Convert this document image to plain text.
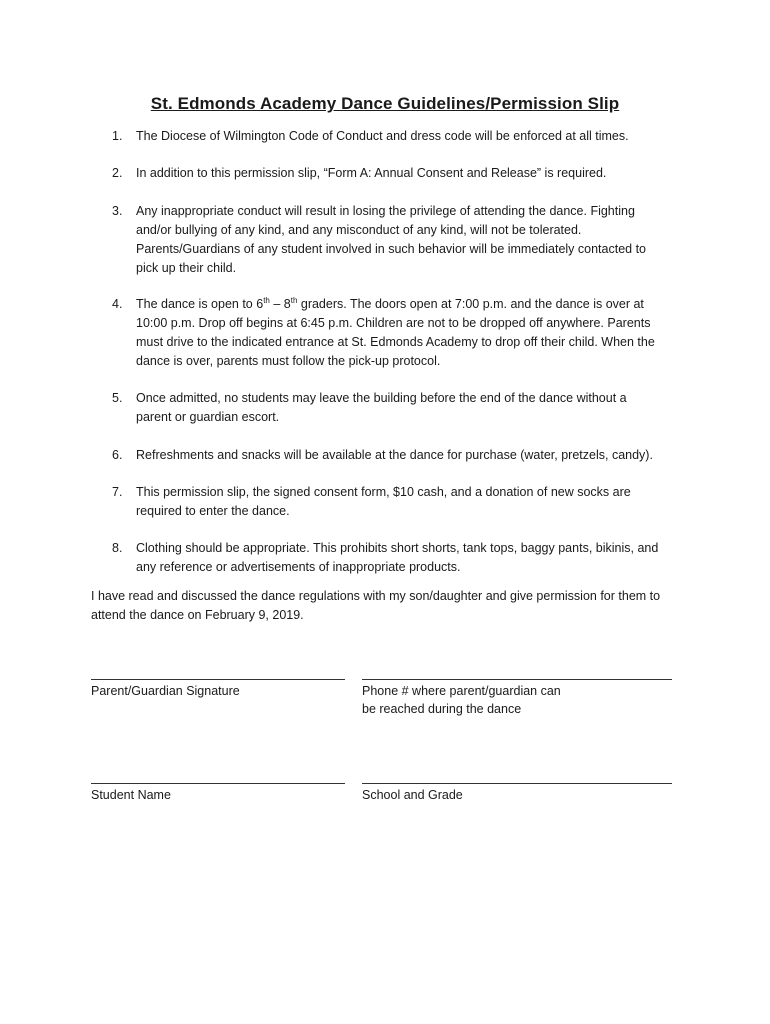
St. Edmonds Academy Dance Guidelines/Permission Slip
1.	The Diocese of Wilmington Code of Conduct and dress code will be enforced at all times.
2.	In addition to this permission slip, “Form A: Annual Consent and Release” is required.
3.	Any inappropriate conduct will result in losing the privilege of attending the dance. Fighting
and/or bullying of any kind, and any misconduct of any kind, will not be tolerated.
Parents/Guardians of any student involved in such behavior will be immediately contacted to
pick up their child.
4.	The dance is open to 6th – 8th graders. The doors open at 7:00 p.m. and the dance is over at
10:00 p.m. Drop off begins at 6:45 p.m. Children are not to be dropped off anywhere. Parents
must drive to the indicated entrance at St. Edmonds Academy to drop off their child. When the
dance is over, parents must follow the pick-up protocol.
5.	Once admitted, no students may leave the building before the end of the dance without a
parent or guardian escort.
6.	Refreshments and snacks will be available at the dance for purchase (water, pretzels, candy).
7.	This permission slip, the signed consent form, $10 cash, and a donation of new socks are
required to enter the dance.
8.	Clothing should be appropriate. This prohibits short shorts, tank tops, baggy pants, bikinis, and
any reference or advertisements of inappropriate products.
I have read and discussed the dance regulations with my son/daughter and give permission for them to
attend the dance on February 9, 2019.
Parent/Guardian Signature	Phone # where parent/guardian can
be reached during the dance
Student Name	School and Grade
